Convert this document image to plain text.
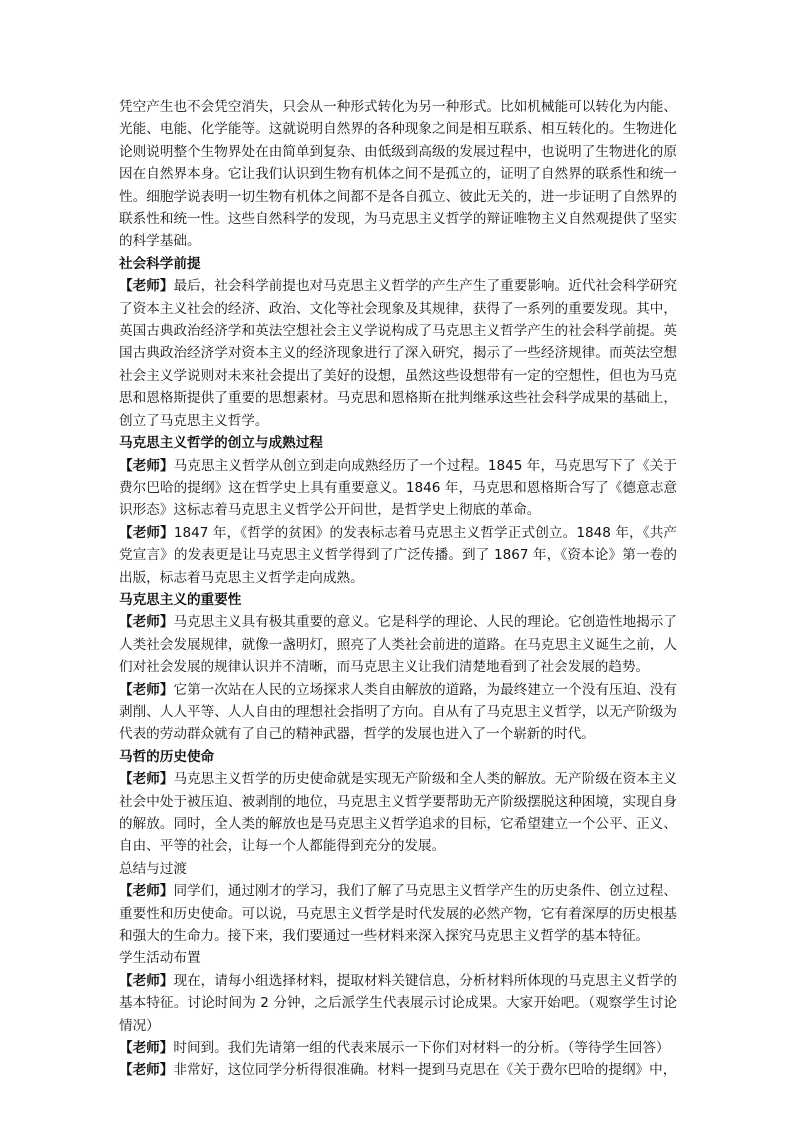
凭空产生也不会凭空消失，只会从一种形式转化为另一种形式。比如机械能可以转化为内能、光能、电能、化学能等。这就说明自然界的各种现象之间是相互联系、相互转化的。生物进化论则说明整个生物界处在由简单到复杂、由低级到高级的发展过程中，也说明了生物进化的原因在自然界本身。它让我们认识到生物有机体之间不是孤立的，证明了自然界的联系性和统一性。细胞学说表明一切生物有机体之间都不是各自孤立、彼此无关的，进一步证明了自然界的联系性和统一性。这些自然科学的发现，为马克思主义哲学的辩证唯物主义自然观提供了坚实的科学基础。

社会科学前提

【老师】最后，社会科学前提也对马克思主义哲学的产生产生了重要影响。近代社会科学研究了资本主义社会的经济、政治、文化等社会现象及其规律，获得了一系列的重要发现。其中，英国古典政治经济学和英法空想社会主义学说构成了马克思主义哲学产生的社会科学前提。英国古典政治经济学对资本主义的经济现象进行了深入研究，揭示了一些经济规律。而英法空想社会主义学说则对未来社会提出了美好的设想，虽然这些设想带有一定的空想性，但也为马克思和恩格斯提供了重要的思想素材。马克思和恩格斯在批判继承这些社会科学成果的基础上，创立了马克思主义哲学。

马克思主义哲学的创立与成熟过程

【老师】马克思主义哲学从创立到走向成熟经历了一个过程。1845 年，马克思写下了《关于费尔巴哈的提纲》这在哲学史上具有重要意义。1846 年，马克思和恩格斯合写了《德意志意识形态》这标志着马克思主义哲学公开问世，是哲学史上彻底的革命。

【老师】1847 年，《哲学的贫困》的发表标志着马克思主义哲学正式创立。1848 年，《共产党宣言》的发表更是让马克思主义哲学得到了广泛传播。到了 1867 年，《资本论》第一卷的出版，标志着马克思主义哲学走向成熟。

马克思主义的重要性

【老师】马克思主义具有极其重要的意义。它是科学的理论、人民的理论。它创造性地揭示了人类社会发展规律，就像一盏明灯，照亮了人类社会前进的道路。在马克思主义诞生之前，人们对社会发展的规律认识并不清晰，而马克思主义让我们清楚地看到了社会发展的趋势。

【老师】它第一次站在人民的立场探求人类自由解放的道路，为最终建立一个没有压迫、没有剥削、人人平等、人人自由的理想社会指明了方向。自从有了马克思主义哲学，以无产阶级为代表的劳动群众就有了自己的精神武器，哲学的发展也进入了一个崭新的时代。

马哲的历史使命

【老师】马克思主义哲学的历史使命就是实现无产阶级和全人类的解放。无产阶级在资本主义社会中处于被压迫、被剥削的地位，马克思主义哲学要帮助无产阶级摆脱这种困境，实现自身的解放。同时，全人类的解放也是马克思主义哲学追求的目标，它希望建立一个公平、正义、自由、平等的社会，让每一个人都能得到充分的发展。

总结与过渡

【老师】同学们，通过刚才的学习，我们了解了马克思主义哲学产生的历史条件、创立过程、重要性和历史使命。可以说，马克思主义哲学是时代发展的必然产物，它有着深厚的历史根基和强大的生命力。接下来，我们要通过一些材料来深入探究马克思主义哲学的基本特征。

学生活动布置

【老师】现在，请每小组选择材料，提取材料关键信息，分析材料所体现的马克思主义哲学的基本特征。讨论时间为 2 分钟，之后派学生代表展示讨论成果。大家开始吧。（观察学生讨论情况）

【老师】时间到。我们先请第一组的代表来展示一下你们对材料一的分析。（等待学生回答）

【老师】非常好，这位同学分析得很准确。材料一提到马克思在《关于费尔巴哈的提纲》中，
